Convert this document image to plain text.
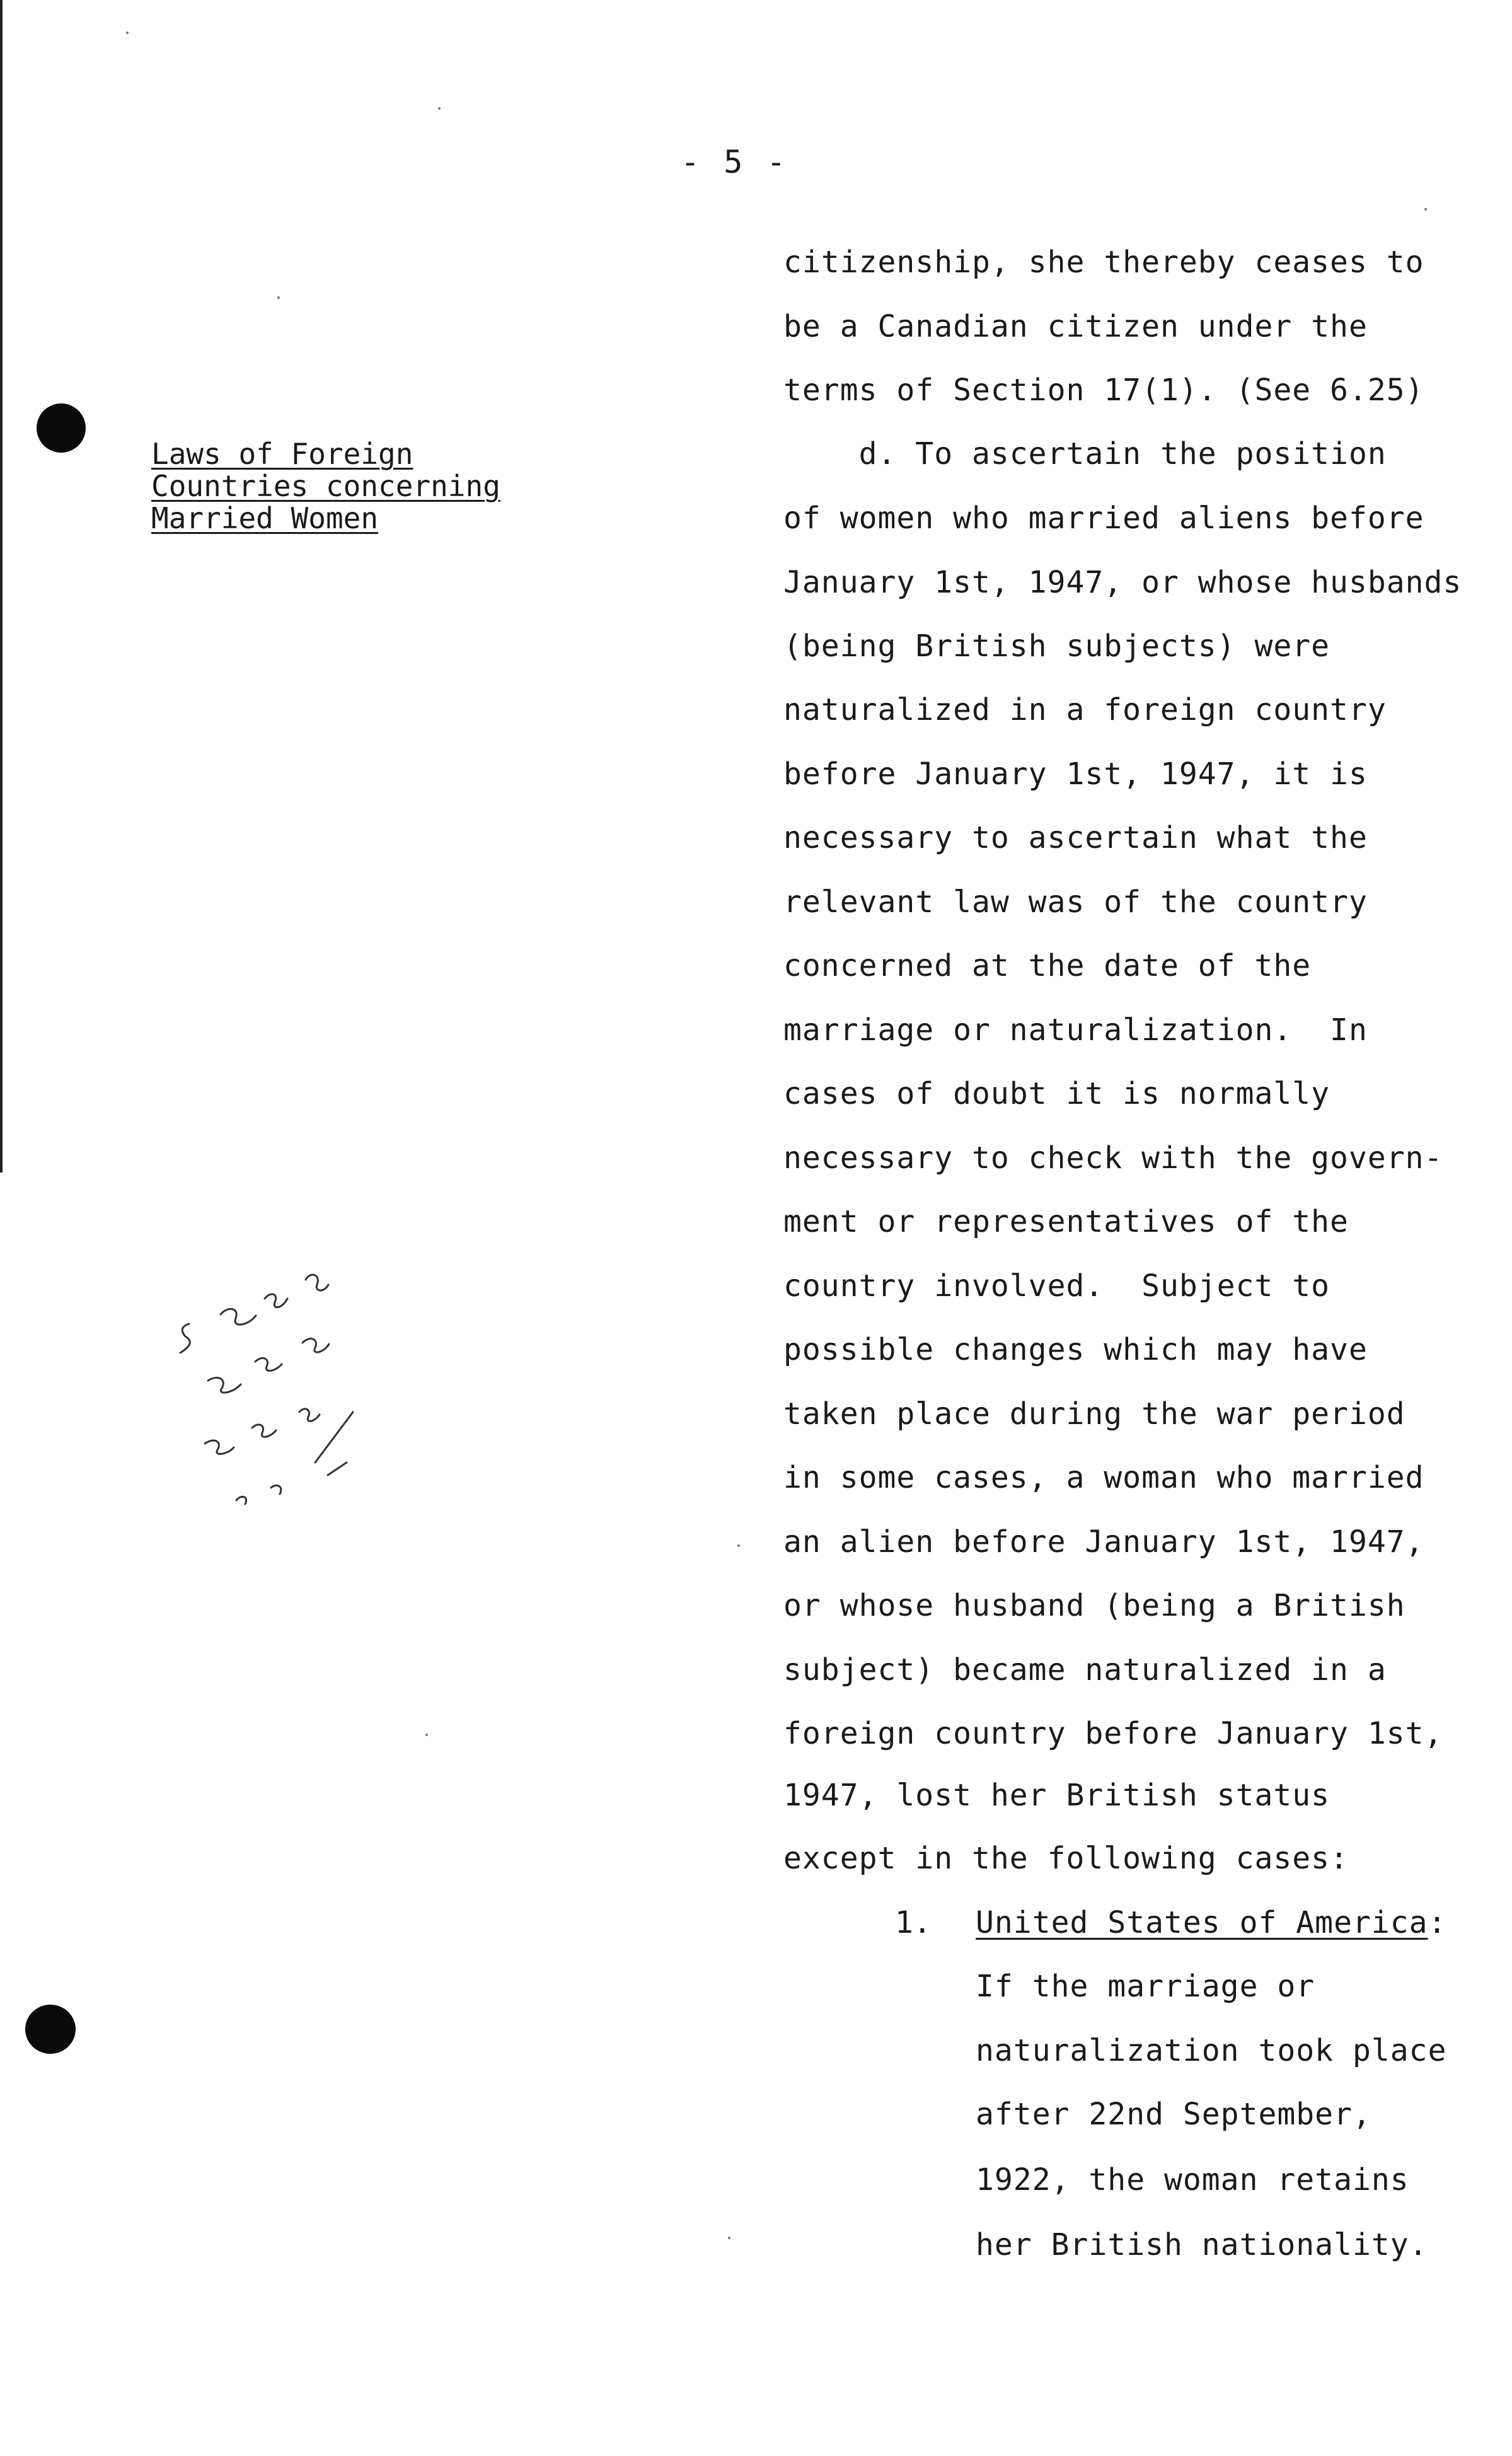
- 5 -
Laws of Foreign
Countries concerning
Married Women
citizenship, she thereby ceases to
be a Canadian citizen under the
terms of Section 17(1). (See 6.25)
d. To ascertain the position
of women who married aliens before
January 1st, 1947, or whose husbands
(being British subjects) were
naturalized in a foreign country
before January 1st, 1947, it is
necessary to ascertain what the
relevant law was of the country
concerned at the date of the
marriage or naturalization.  In
cases of doubt it is normally
necessary to check with the govern-
ment or representatives of the
country involved.  Subject to
possible changes which may have
taken place during the war period
in some cases, a woman who married
an alien before January 1st, 1947,
or whose husband (being a British
subject) became naturalized in a
foreign country before January 1st,
1947, lost her British status
except in the following cases:
1. United States of America:
If the marriage or
naturalization took place
after 22nd September,
1922, the woman retains
her British nationality.
